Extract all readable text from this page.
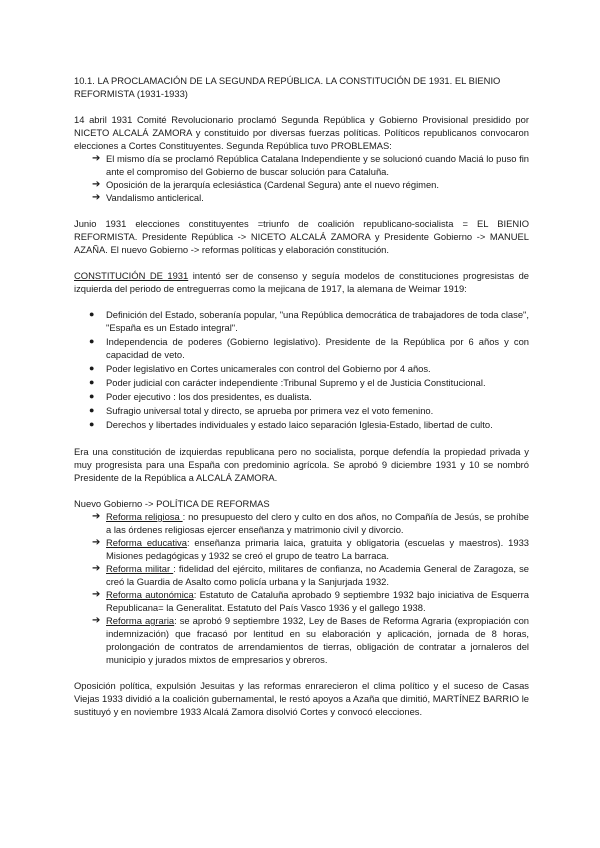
10.1. LA PROCLAMACIÓN DE LA SEGUNDA REPÚBLICA. LA CONSTITUCIÓN DE 1931. EL BIENIO REFORMISTA (1931-1933)

14 abril 1931 Comité Revolucionario proclamó Segunda República y Gobierno Provisional presidido por NICETO ALCALÁ ZAMORA y constituido por diversas fuerzas políticas. Políticos republicanos convocaron elecciones a Cortes Constituyentes. Segunda República tuvo PROBLEMAS:

➔ El mismo día se proclamó República Catalana Independiente y se solucionó cuando Maciá lo puso fin ante el compromiso del Gobierno de buscar solución para Cataluña.
➔ Oposición de la jerarquía eclesiástica (Cardenal Segura) ante el nuevo régimen.
➔ Vandalismo anticlerical.

Junio 1931 elecciones constituyentes =triunfo de coalición republicano-socialista = EL BIENIO REFORMISTA. Presidente República -> NICETO ALCALÁ ZAMORA y Presidente Gobierno -> MANUEL AZAÑA. El nuevo Gobierno -> reformas políticas y elaboración constitución.

CONSTITUCIÓN DE 1931 intentó ser de consenso y seguía modelos de constituciones progresistas de izquierda del periodo de entreguerras como la mejicana de 1917, la alemana de Weimar 1919:

● Definición del Estado, soberanía popular, "una República democrática de trabajadores de toda clase", "España es un Estado integral".
● Independencia de poderes (Gobierno legislativo). Presidente de la República por 6 años y con capacidad de veto.
● Poder legislativo en Cortes unicamerales con control del Gobierno por 4 años.
● Poder judicial con carácter independiente :Tribunal Supremo y el de Justicia Constitucional.
● Poder ejecutivo : los dos presidentes, es dualista.
● Sufragio universal total y directo, se aprueba por primera vez el voto femenino.
● Derechos y libertades individuales y estado laico separación Iglesia-Estado, libertad de culto.

Era una constitución de izquierdas republicana pero no socialista, porque defendía la propiedad privada y muy progresista para una España con predominio agrícola. Se aprobó 9 diciembre 1931 y 10 se nombró Presidente de la República a ALCALÁ ZAMORA.

Nuevo Gobierno -> POLÍTICA DE REFORMAS

➔ Reforma religiosa : no presupuesto del clero y culto en dos años, no Compañía de Jesús, se prohíbe a las órdenes religiosas ejercer enseñanza y matrimonio civil y divorcio.
➔ Reforma educativa: enseñanza primaria laica, gratuita y obligatoria (escuelas y maestros). 1933 Misiones pedagógicas y 1932 se creó el grupo de teatro La barraca.
➔ Reforma militar : fidelidad del ejército, militares de confianza, no Academia General de Zaragoza, se creó la Guardia de Asalto como policía urbana y la Sanjurjada 1932.
➔ Reforma autonómica: Estatuto de Cataluña aprobado 9 septiembre 1932 bajo iniciativa de Esquerra Republicana= la Generalitat. Estatuto del País Vasco 1936 y el gallego 1938.
➔ Reforma agraria: se aprobó 9 septiembre 1932, Ley de Bases de Reforma Agraria (expropiación con indemnización) que fracasó por lentitud en su elaboración y aplicación, jornada de 8 horas, prolongación de contratos de arrendamientos de tierras, obligación de contratar a jornaleros del municipio y jurados mixtos de empresarios y obreros.

Oposición política, expulsión Jesuitas y las reformas enrarecieron el clima político y el suceso de Casas Viejas 1933 dividió a la coalición gubernamental, le restó apoyos a Azaña que dimitió, MARTÍNEZ BARRIO le sustituyó y en noviembre 1933 Alcalá Zamora disolvió Cortes y convocó elecciones.
